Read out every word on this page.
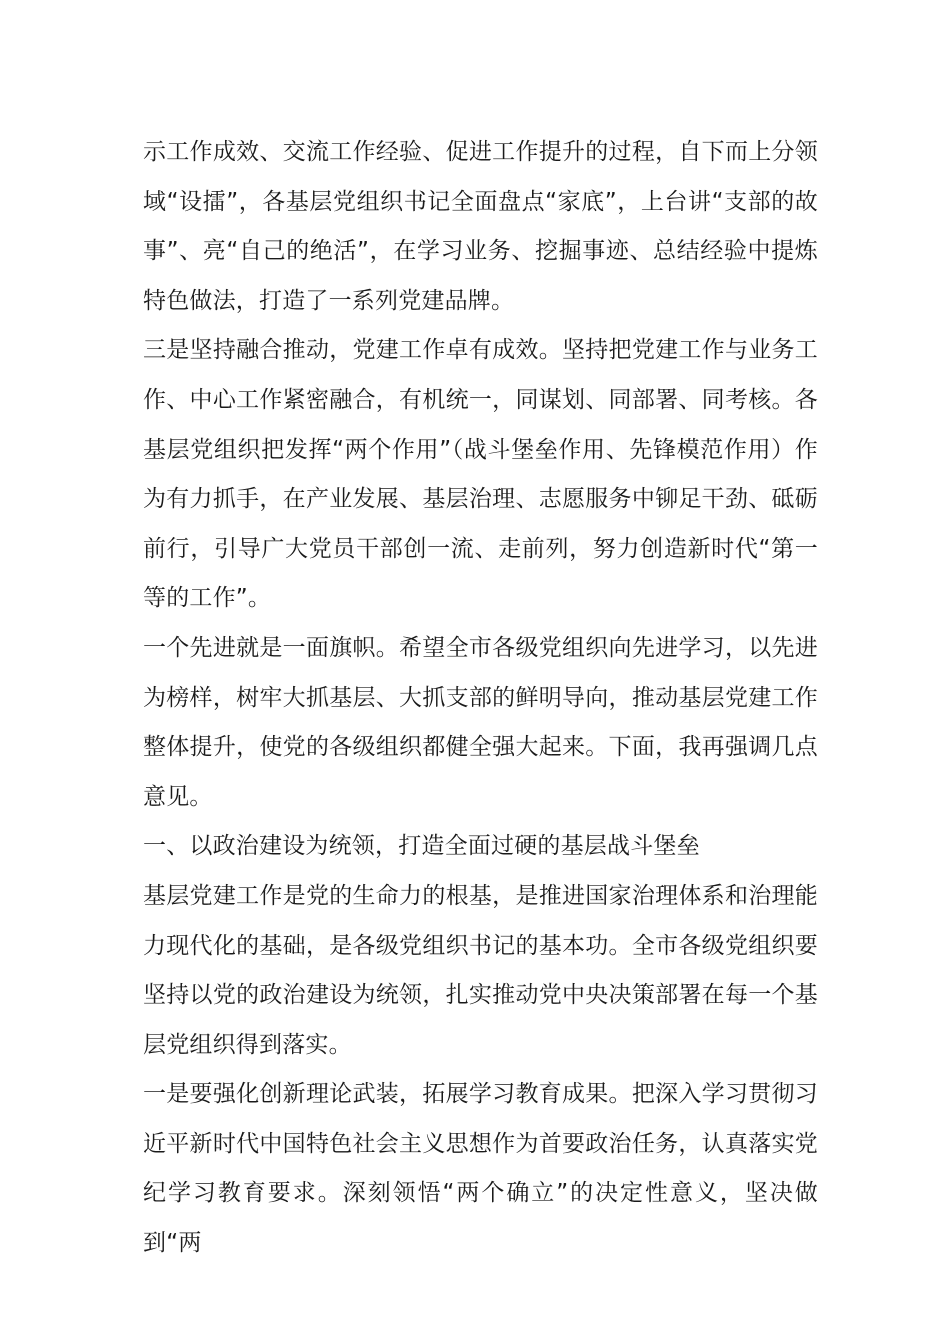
示工作成效、交流工作经验、促进工作提升的过程，自下而上分领域“设擂”，各基层党组织书记全面盘点“家底”，上台讲“支部的故事”、亮“自己的绝活”，在学习业务、挖掘事迹、总结经验中提炼特色做法，打造了一系列党建品牌。

三是坚持融合推动，党建工作卓有成效。坚持把党建工作与业务工作、中心工作紧密融合，有机统一，同谋划、同部署、同考核。各基层党组织把发挥“两个作用”（战斗堡垒作用、先锋模范作用）作为有力抓手，在产业发展、基层治理、志愿服务中铆足干劲、砥砺前行，引导广大党员干部创一流、走前列，努力创造新时代“第一等的工作”。

一个先进就是一面旗帜。希望全市各级党组织向先进学习，以先进为榜样，树牢大抓基层、大抓支部的鲜明导向，推动基层党建工作整体提升，使党的各级组织都健全强大起来。下面，我再强调几点意见。

一、以政治建设为统领，打造全面过硬的基层战斗堡垒

基层党建工作是党的生命力的根基，是推进国家治理体系和治理能力现代化的基础，是各级党组织书记的基本功。全市各级党组织要坚持以党的政治建设为统领，扎实推动党中央决策部署在每一个基层党组织得到落实。

一是要强化创新理论武装，拓展学习教育成果。把深入学习贯彻习近平新时代中国特色社会主义思想作为首要政治任务，认真落实党纪学习教育要求。深刻领悟“两个确立”的决定性意义，坚决做到“两
